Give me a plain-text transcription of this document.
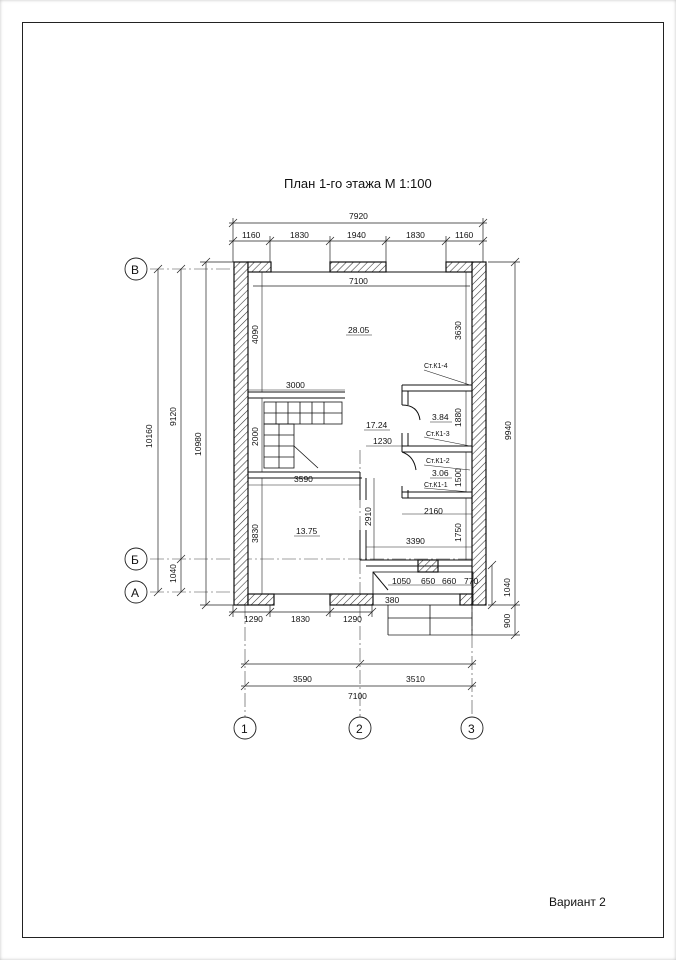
План 1-го этажа М 1:100
7920
1160	1830	1940	1830	1160
7100
10160
9120
10980
1040
В
Б
А
9940
1040
900
1290	1830	1290
3590	3510
7100
1	2	3
4090	3630
3000
2000
3590
3830
2910
1230
1880
1500
2160
1750
3390
1050 650 660 770
380
28.05
17.24
3.84
3.06
13.75
Ст.К1-4
Ст.К1-3
Ст.К1-2
Ст.К1-1
Вариант 2
